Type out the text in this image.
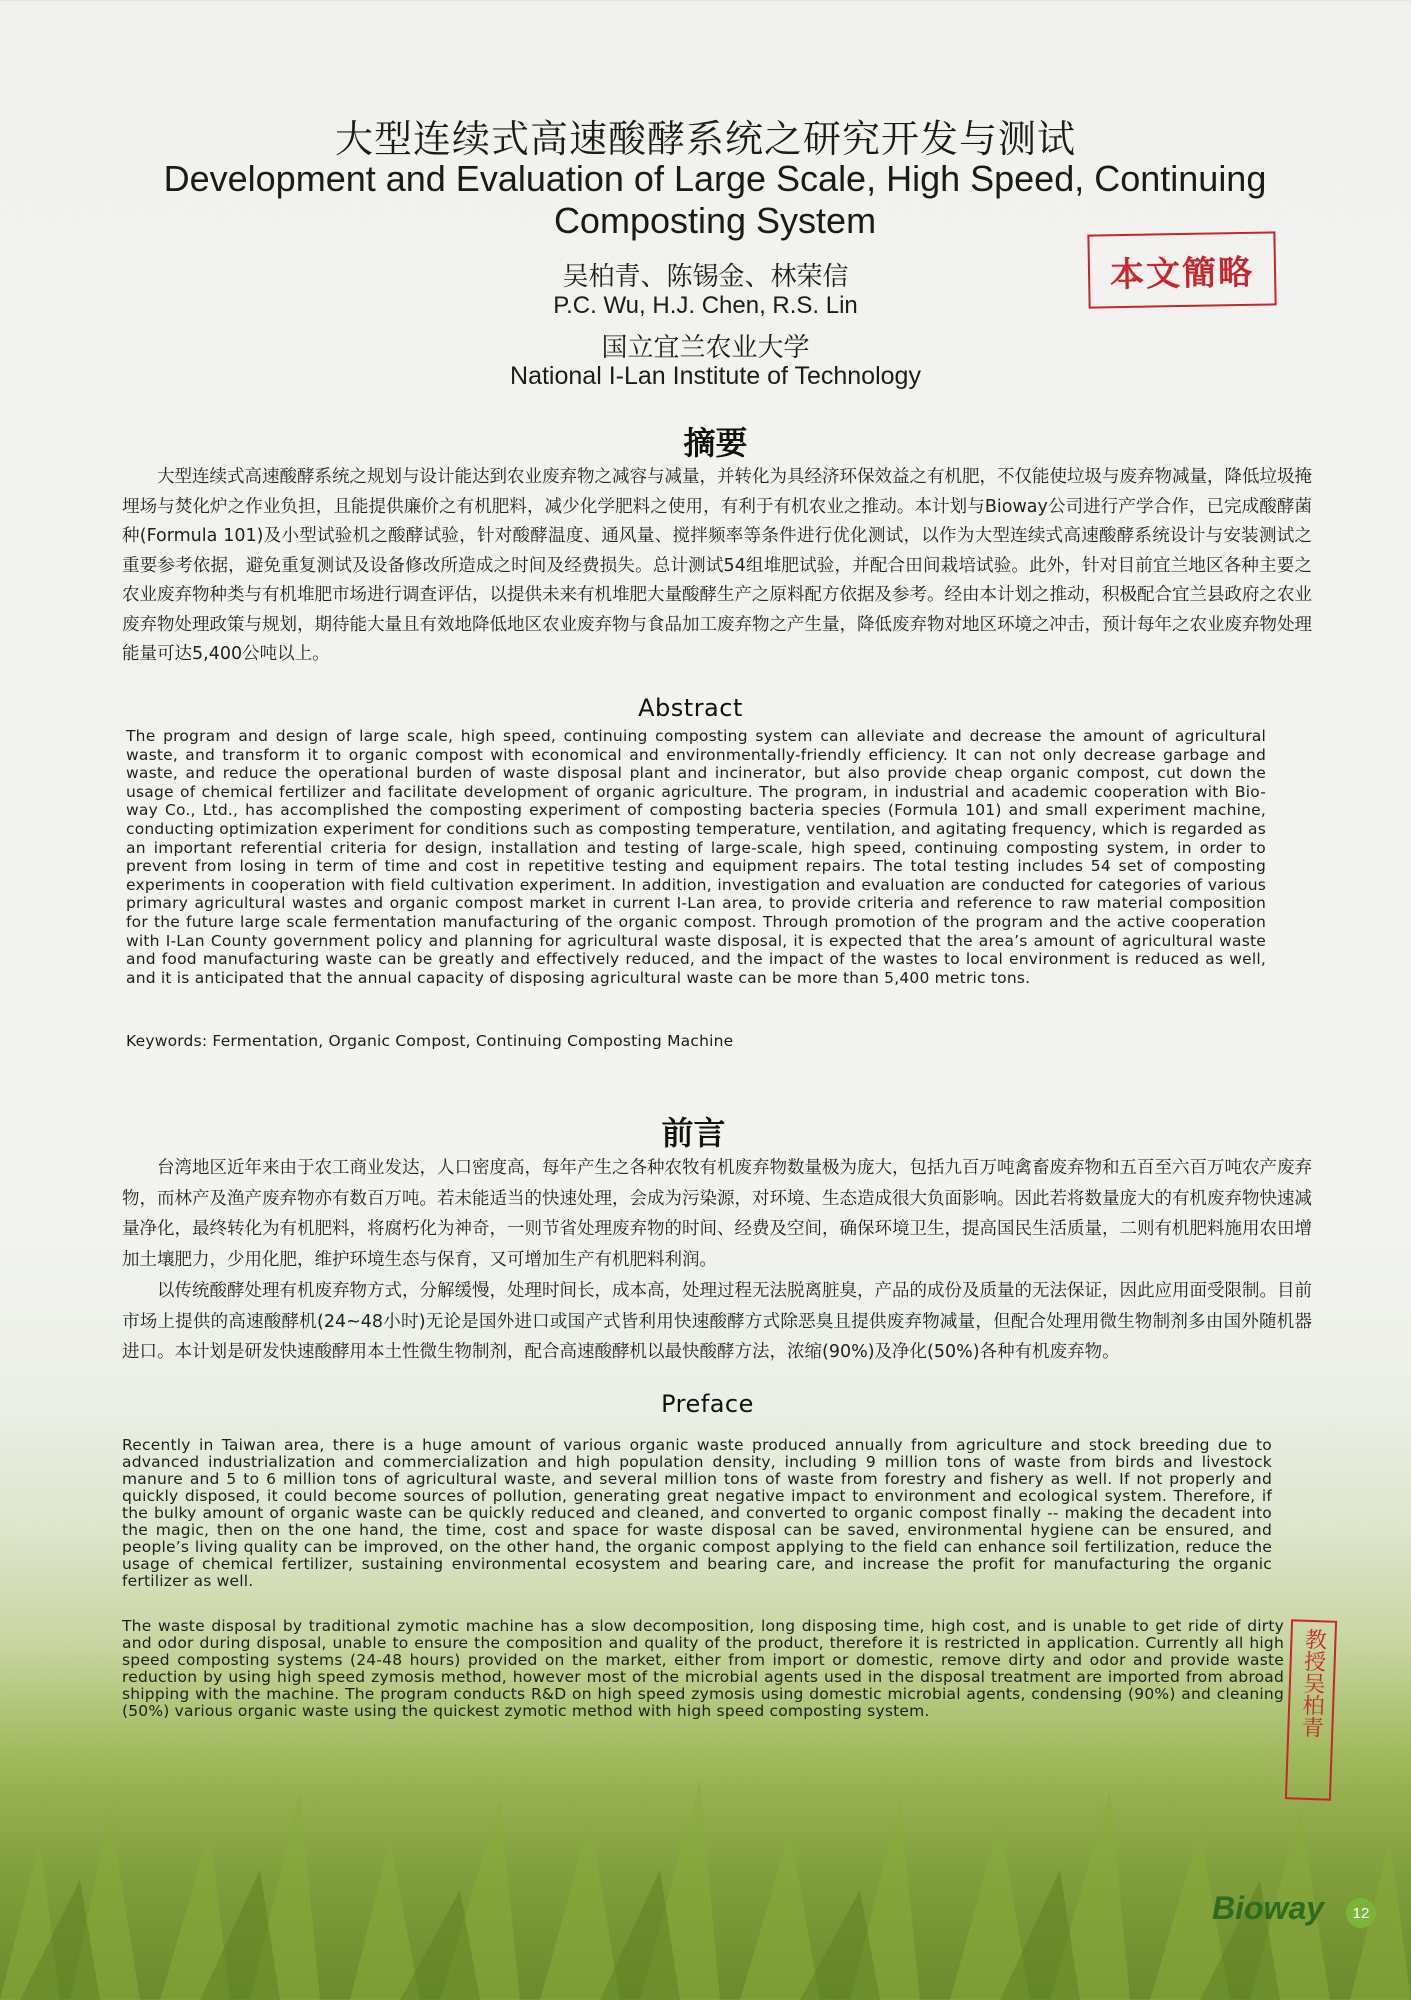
大型连续式高速酸酵系统之研究开发与测试
Development and Evaluation of Large Scale, High Speed, Continuing Composting System
吴柏青、陈锡金、林荣信
P.C. Wu, H.J. Chen, R.S. Lin
国立宜兰农业大学
National I-Lan Institute of Technology
本文簡略
摘要
大型连续式高速酸酵系统之规划与设计能达到农业废弃物之减容与减量，并转化为具经济环保效益之有机肥，不仅能使垃圾与废弃物减量，降低垃圾掩埋场与焚化炉之作业负担，且能提供廉价之有机肥料，减少化学肥料之使用，有利于有机农业之推动。本计划与Bioway公司进行产学合作，已完成酸酵菌种(Formula 101)及小型试验机之酸酵试验，针对酸酵温度、通风量、搅拌频率等条件进行优化测试，以作为大型连续式高速酸酵系统设计与安装测试之重要参考依据，避免重复测试及设备修改所造成之时间及经费损失。总计测试54组堆肥试验，并配合田间栽培试验。此外，针对目前宜兰地区各种主要之农业废弃物种类与有机堆肥市场进行调查评估，以提供未来有机堆肥大量酸酵生产之原料配方依据及参考。经由本计划之推动，积极配合宜兰县政府之农业废弃物处理政策与规划，期待能大量且有效地降低地区农业废弃物与食品加工废弃物之产生量，降低废弃物对地区环境之冲击，预计每年之农业废弃物处理能量可达5,400公吨以上。
Abstract
The program and design of large scale, high speed, continuing composting system can alleviate and decrease the amount of agricultural waste, and transform it to organic compost with economical and environmentally-friendly efficiency. It can not only decrease garbage and waste, and reduce the operational burden of waste disposal plant and incinerator, but also provide cheap organic compost, cut down the usage of chemical fertilizer and facilitate development of organic agriculture. The program, in industrial and academic cooperation with Bio-way Co., Ltd., has accomplished the composting experiment of composting bacteria species (Formula 101) and small experiment machine, conducting optimization experiment for conditions such as composting temperature, ventilation, and agitating frequency, which is regarded as an important referential criteria for design, installation and testing of large-scale, high speed, continuing composting system, in order to prevent from losing in term of time and cost in repetitive testing and equipment repairs. The total testing includes 54 set of composting experiments in cooperation with field cultivation experiment. In addition, investigation and evaluation are conducted for categories of various primary agricultural wastes and organic compost market in current I-Lan area, to provide criteria and reference to raw material composition for the future large scale fermentation manufacturing of the organic compost. Through promotion of the program and the active cooperation with I-Lan County government policy and planning for agricultural waste disposal, it is expected that the area’s amount of agricultural waste and food manufacturing waste can be greatly and effectively reduced, and the impact of the wastes to local environment is reduced as well, and it is anticipated that the annual capacity of disposing agricultural waste can be more than 5,400 metric tons.
Keywords: Fermentation, Organic Compost, Continuing Composting Machine
前言
台湾地区近年来由于农工商业发达，人口密度高，每年产生之各种农牧有机废弃物数量极为庞大，包括九百万吨禽畜废弃物和五百至六百万吨农产废弃物，而林产及渔产废弃物亦有数百万吨。若未能适当的快速处理，会成为污染源，对环境、生态造成很大负面影响。因此若将数量庞大的有机废弃物快速减量净化，最终转化为有机肥料，将腐朽化为神奇，一则节省处理废弃物的时间、经费及空间，确保环境卫生，提高国民生活质量，二则有机肥料施用农田增加土壤肥力，少用化肥，维护环境生态与保育，又可增加生产有机肥料利润。
以传统酸酵处理有机废弃物方式，分解缓慢，处理时间长，成本高，处理过程无法脱离脏臭，产品的成份及质量的无法保证，因此应用面受限制。目前市场上提供的高速酸酵机(24~48小时)无论是国外进口或国产式皆利用快速酸酵方式除恶臭且提供废弃物减量，但配合处理用微生物制剂多由国外随机器进口。本计划是研发快速酸酵用本土性微生物制剂，配合高速酸酵机以最快酸酵方法，浓缩(90%)及净化(50%)各种有机废弃物。
Preface
Recently in Taiwan area, there is a huge amount of various organic waste produced annually from agriculture and stock breeding due to advanced industrialization and commercialization and high population density, including 9 million tons of waste from birds and livestock manure and 5 to 6 million tons of agricultural waste, and several million tons of waste from forestry and fishery as well. If not properly and quickly disposed, it could become sources of pollution, generating great negative impact to environment and ecological system. Therefore, if the bulky amount of organic waste can be quickly reduced and cleaned, and converted to organic compost finally -- making the decadent into the magic, then on the one hand, the time, cost and space for waste disposal can be saved, environmental hygiene can be ensured, and people’s living quality can be improved, on the other hand, the organic compost applying to the field can enhance soil fertilization, reduce the usage of chemical fertilizer, sustaining environmental ecosystem and bearing care, and increase the profit for manufacturing the organic fertilizer as well.
The waste disposal by traditional zymotic machine has a slow decomposition, long disposing time, high cost, and is unable to get ride of dirty and odor during disposal, unable to ensure the composition and quality of the product, therefore it is restricted in application. Currently all high speed composting systems (24-48 hours) provided on the market, either from import or domestic, remove dirty and odor and provide waste reduction by using high speed zymosis method, however most of the microbial agents used in the disposal treatment are imported from abroad shipping with the machine. The program conducts R&D on high speed zymosis using domestic microbial agents, condensing (90%) and cleaning (50%) various organic waste using the quickest zymotic method with high speed composting system.	教授吴柏青
Bioway	12
